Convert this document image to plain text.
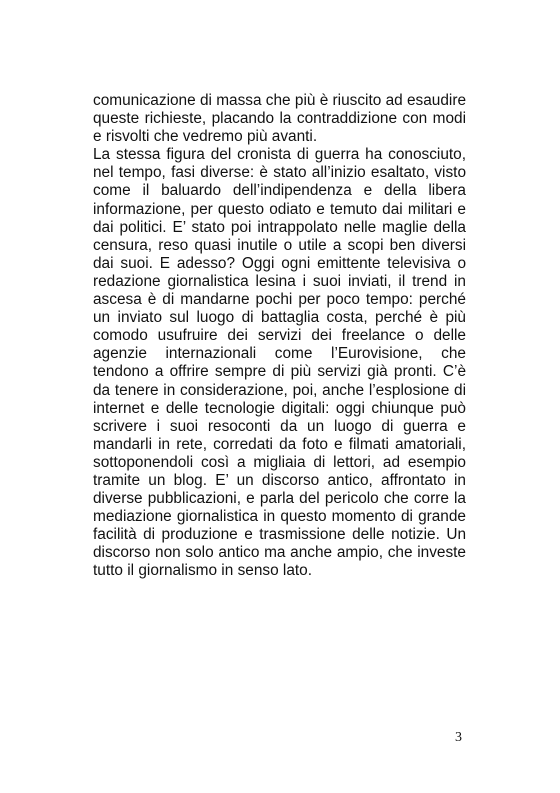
comunicazione di massa che più è riuscito ad esaudire queste richieste, placando la contraddizione con modi e risvolti che vedremo più avanti.

La stessa figura del cronista di guerra ha conosciuto, nel tempo, fasi diverse: è stato all’inizio esaltato, visto come il baluardo dell’indipendenza e della libera informazione, per questo odiato e temuto dai militari e dai politici. E’ stato poi intrappolato nelle maglie della censura, reso quasi inutile o utile a scopi ben diversi dai suoi. E adesso? Oggi ogni emittente televisiva o redazione giornalistica lesina i suoi inviati, il trend in ascesa è di mandarne pochi per poco tempo: perché un inviato sul luogo di battaglia costa, perché è più comodo usufruire dei servizi dei freelance o delle agenzie internazionali come l’Eurovisione, che tendono a offrire sempre di più servizi già pronti. C’è da tenere in considerazione, poi, anche l’esplosione di internet e delle tecnologie digitali: oggi chiunque può scrivere i suoi resoconti da un luogo di guerra e mandarli in rete, corredati da foto e filmati amatoriali, sottoponendoli così a migliaia di lettori, ad esempio tramite un blog. E’ un discorso antico, affrontato in diverse pubblicazioni, e parla del pericolo che corre la mediazione giornalistica in questo momento di grande facilità di produzione e trasmissione delle notizie. Un discorso non solo antico ma anche ampio, che investe tutto il giornalismo in senso lato.

3
